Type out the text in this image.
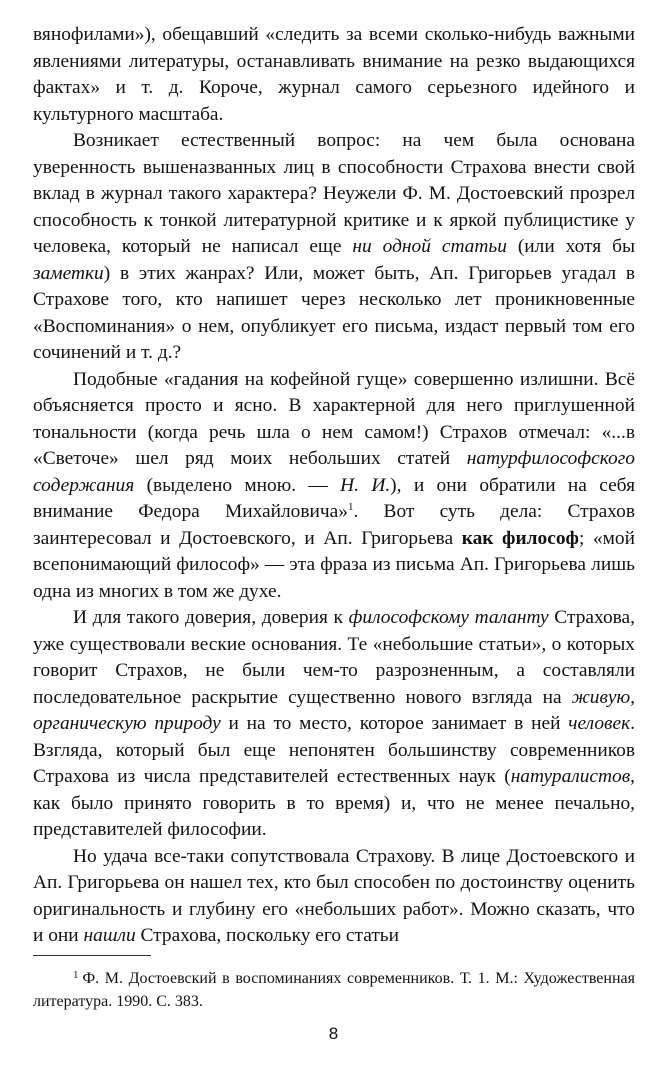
вянофилами»), обещавший «следить за всеми сколько-нибудь важными явлениями литературы, останавливать внимание на резко выдающихся фактах» и т. д. Короче, журнал самого серьезного идейного и культурного масштаба.

Возникает естественный вопрос: на чем была основана уверенность вышеназванных лиц в способности Страхова внести свой вклад в журнал такого характера? Неужели Ф. М. Достоевский прозрел способность к тонкой литературной критике и к яркой публицистике у человека, который не написал еще ни одной статьи (или хотя бы заметки) в этих жанрах? Или, может быть, Ап. Григорьев угадал в Страхове того, кто напишет через несколько лет проникновенные «Воспоминания» о нем, опубликует его письма, издаст первый том его сочинений и т. д.?

Подобные «гадания на кофейной гуще» совершенно излишни. Всё объясняется просто и ясно. В характерной для него приглушенной тональности (когда речь шла о нем самом!) Страхов отмечал: «...в «Светоче» шел ряд моих небольших статей натурфилософского содержания (выделено мною. — Н. И.), и они обратили на себя внимание Федора Михайловича»$^1$. Вот суть дела: Страхов заинтересовал и Достоевского, и Ап. Григорьева как философ; «мой всепонимающий философ» — эта фраза из письма Ап. Григорьева лишь одна из многих в том же духе.

И для такого доверия, доверия к философскому таланту Страхова, уже существовали веские основания. Те «небольшие статьи», о которых говорит Страхов, не были чем-то разрозненным, а составляли последовательное раскрытие существенно нового взгляда на живую, органическую природу и на то место, которое занимает в ней человек. Взгляда, который был еще непонятен большинству современников Страхова из числа представителей естественных наук (натуралистов, как было принято говорить в то время) и, что не менее печально, представителей философии.

Но удача все-таки сопутствовала Страхову. В лице Достоевского и Ап. Григорьева он нашел тех, кто был способен по достоинству оценить оригинальность и глубину его «небольших работ». Можно сказать, что и они нашли Страхова, поскольку его статьи

$^1$ Ф. М. Достоевский в воспоминаниях современников. Т. 1. М.: Художественная литература. 1990. С. 383.

8
